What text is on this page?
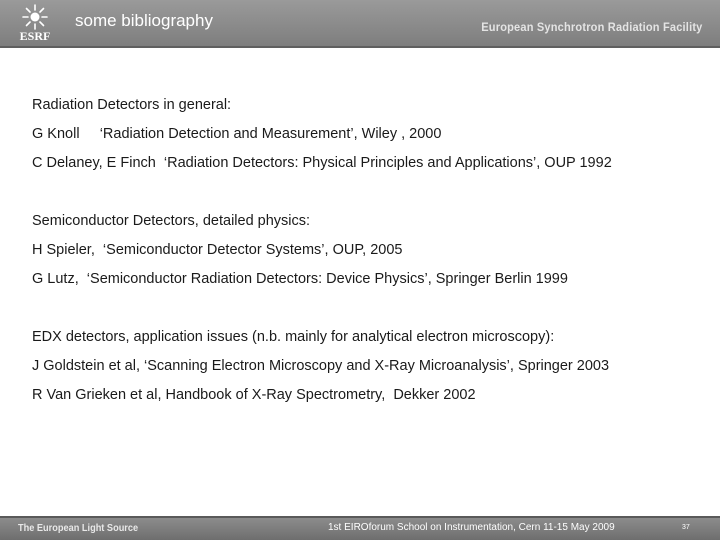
ESRF
some bibliography	European Synchrotron Radiation Facility
Radiation Detectors in general:
G Knoll     ‘Radiation Detection and Measurement’, Wiley , 2000
C Delaney, E Finch  ‘Radiation Detectors: Physical Principles and Applications’, OUP 1992
Semiconductor Detectors, detailed physics:
H Spieler,  ‘Semiconductor Detector Systems’, OUP, 2005
G Lutz,  ‘Semiconductor Radiation Detectors: Device Physics’, Springer Berlin 1999
EDX detectors, application issues (n.b. mainly for analytical electron microscopy):
J Goldstein et al, ‘Scanning Electron Microscopy and X-Ray Microanalysis’, Springer 2003
R Van Grieken et al, Handbook of X-Ray Spectrometry,  Dekker 2002
The European Light Source	1st EIROforum School on Instrumentation, Cern 11-15 May 2009	37
